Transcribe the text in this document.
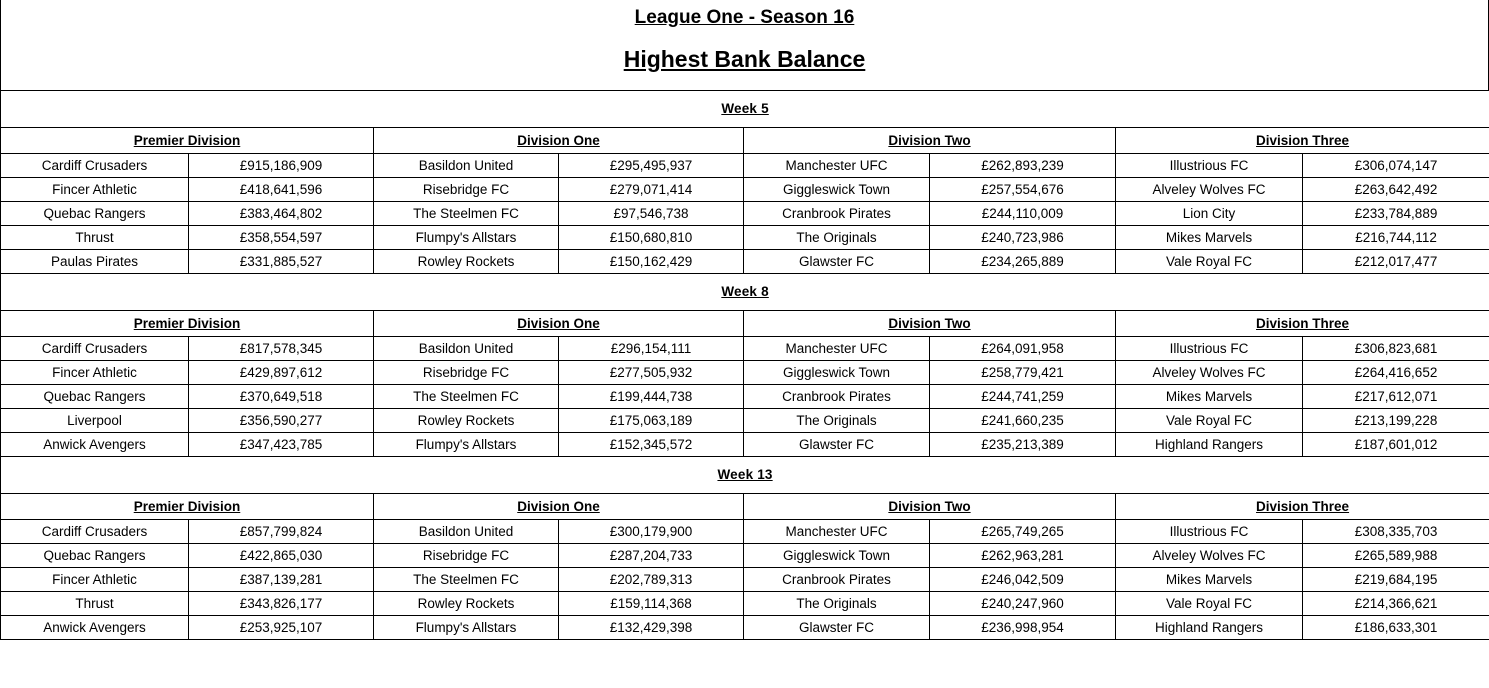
League One - Season 16
Highest Bank Balance
Week 5							
Premier Division		Division One		Division Two		Division Three	
Cardiff Crusaders	£915,186,909	Basildon United	£295,495,937	Manchester UFC	£262,893,239	Illustrious FC	£306,074,147
Fincer Athletic	£418,641,596	Risebridge FC	£279,071,414	Giggleswick Town	£257,554,676	Alveley Wolves FC	£263,642,492
Quebac Rangers	£383,464,802	The Steelmen FC	£97,546,738	Cranbrook Pirates	£244,110,009	Lion City	£233,784,889
Thrust	£358,554,597	Flumpy's Allstars	£150,680,810	The Originals	£240,723,986	Mikes Marvels	£216,744,112
Paulas Pirates	£331,885,527	Rowley Rockets	£150,162,429	Glawster FC	£234,265,889	Vale Royal FC	£212,017,477
Week 8							
Premier Division		Division One		Division Two		Division Three	
Cardiff Crusaders	£817,578,345	Basildon United	£296,154,111	Manchester UFC	£264,091,958	Illustrious FC	£306,823,681
Fincer Athletic	£429,897,612	Risebridge FC	£277,505,932	Giggleswick Town	£258,779,421	Alveley Wolves FC	£264,416,652
Quebac Rangers	£370,649,518	The Steelmen FC	£199,444,738	Cranbrook Pirates	£244,741,259	Mikes Marvels	£217,612,071
Liverpool	£356,590,277	Rowley Rockets	£175,063,189	The Originals	£241,660,235	Vale Royal FC	£213,199,228
Anwick Avengers	£347,423,785	Flumpy's Allstars	£152,345,572	Glawster FC	£235,213,389	Highland Rangers	£187,601,012
Week 13							
Premier Division		Division One		Division Two		Division Three	
Cardiff Crusaders	£857,799,824	Basildon United	£300,179,900	Manchester UFC	£265,749,265	Illustrious FC	£308,335,703
Quebac Rangers	£422,865,030	Risebridge FC	£287,204,733	Giggleswick Town	£262,963,281	Alveley Wolves FC	£265,589,988
Fincer Athletic	£387,139,281	The Steelmen FC	£202,789,313	Cranbrook Pirates	£246,042,509	Mikes Marvels	£219,684,195
Thrust	£343,826,177	Rowley Rockets	£159,114,368	The Originals	£240,247,960	Vale Royal FC	£214,366,621
Anwick Avengers	£253,925,107	Flumpy's Allstars	£132,429,398	Glawster FC	£236,998,954	Highland Rangers	£186,633,301
